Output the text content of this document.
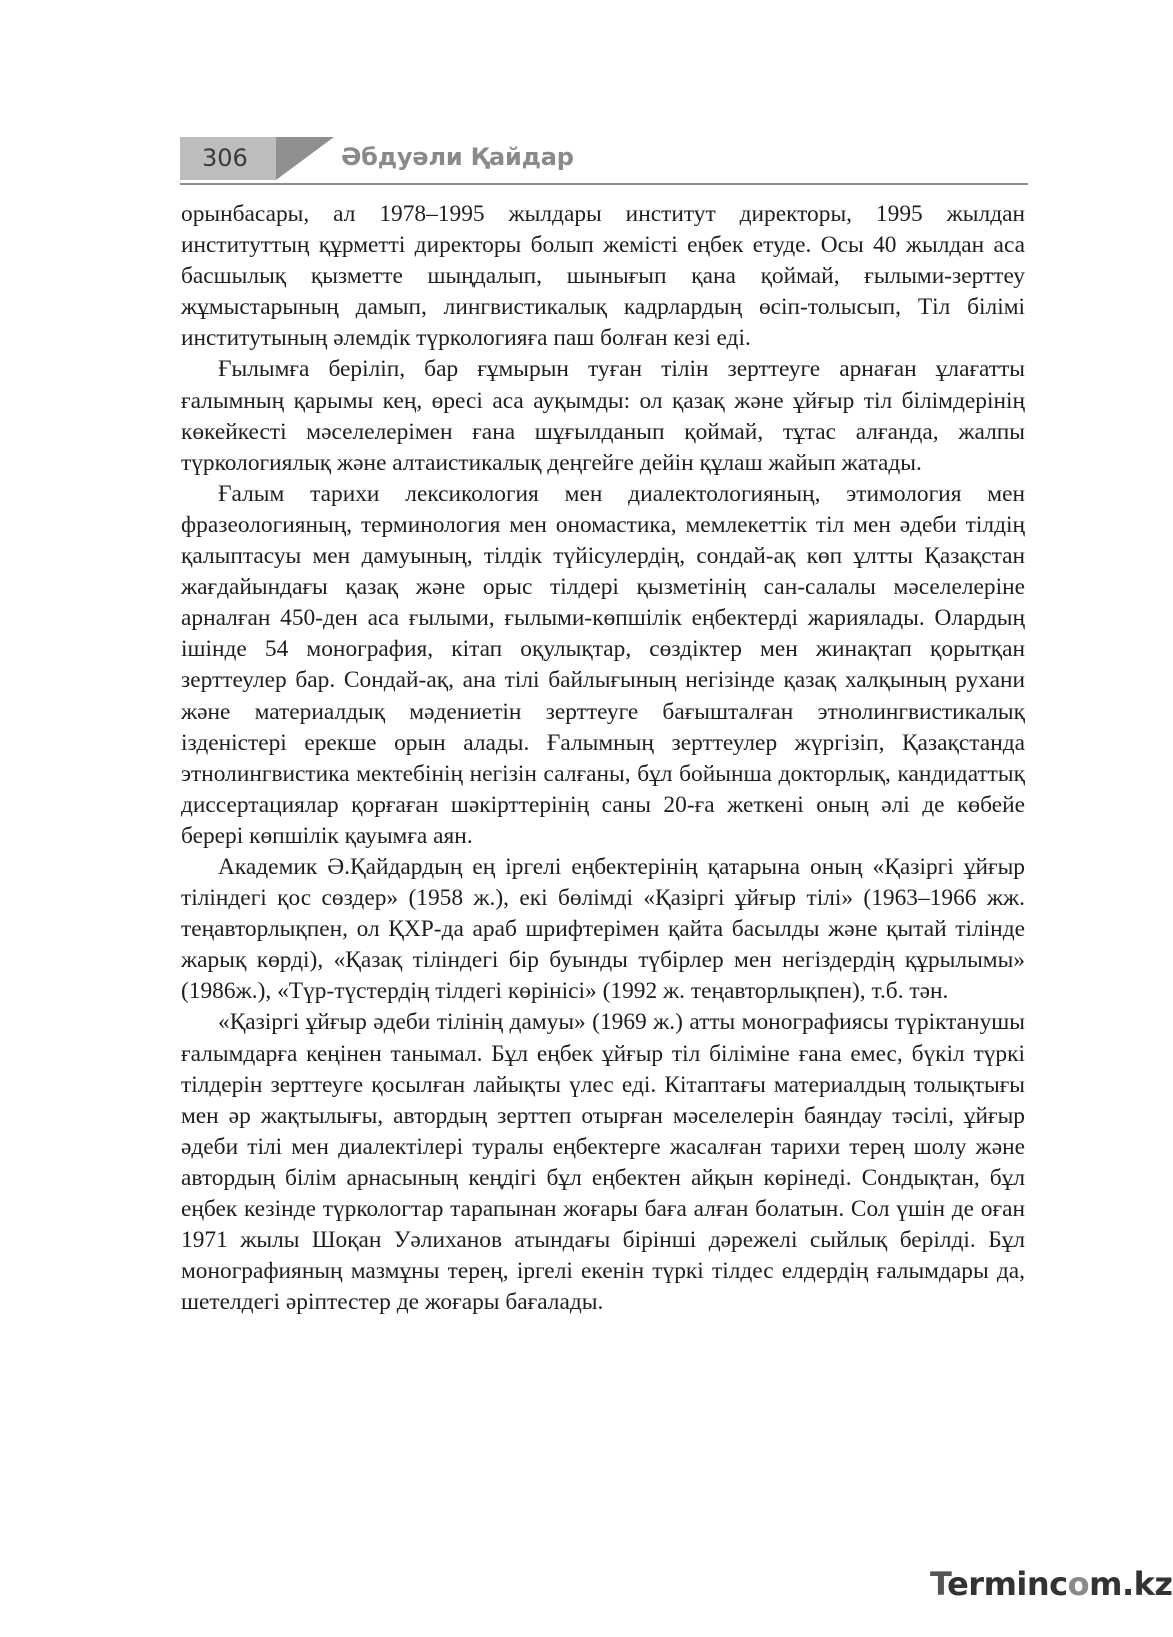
306	Әбдуәли Қайдар

орынбасары, ал 1978–1995 жылдары институт директоры, 1995 жылдан институттың құрметті директоры болып жемісті еңбек етуде. Осы 40 жылдан аса басшылық қызметте шыңдалып, шынығып қана қоймай, ғылыми-зерттеу жұмыстарының дамып, лингвистикалық кадрлардың өсіп-толысып, Тіл білімі институтының әлемдік түркологияға паш болған кезі еді.

Ғылымға беріліп, бар ғұмырын туған тілін зерттеуге арнаған ұлағатты ғалымның қарымы кең, өресі аса ауқымды: ол қазақ және ұйғыр тіл білімдерінің көкейкесті мәселелерімен ғана шұғылданып қоймай, тұтас алғанда, жалпы түркологиялық және алтаистикалық деңгейге дейін құлаш жайып жатады.

Ғалым тарихи лексикология мен диалектологияның, этимология мен фразеологияның, терминология мен ономастика, мемлекеттік тіл мен әдеби тілдің қалыптасуы мен дамуының, тілдік түйісулердің, сондай-ақ көп ұлтты Қазақстан жағдайындағы қазақ және орыс тілдері қызметінің сан-салалы мәселелеріне арналған 450-ден аса ғылыми, ғылыми-көпшілік еңбектерді жариялады. Олардың ішінде 54 монография, кітап оқулықтар, сөздіктер мен жинақтап қорытқан зерттеулер бар. Сондай-ақ, ана тілі байлығының негізінде қазақ халқының рухани және материалдық мәдениетін зерттеуге бағышталған этнолингвистикалық ізденістері ерекше орын алады. Ғалымның зерттеулер жүргізіп, Қазақстанда этнолингвистика мектебінің негізін салғаны, бұл бойынша докторлық, кандидаттық диссертациялар қорғаған шәкірттерінің саны 20-ға жеткені оның әлі де көбейе берері көпшілік қауымға аян.

Академик Ә.Қайдардың ең іргелі еңбектерінің қатарына оның «Қазіргі ұйғыр тіліндегі қос сөздер» (1958 ж.), екі бөлімді «Қазіргі ұйғыр тілі» (1963–1966 жж. теңавторлықпен, ол ҚХР-да араб шрифтерімен қайта басылды және қытай тілінде жарық көрді), «Қазақ тіліндегі бір буынды түбірлер мен негіздердің құрылымы» (1986ж.), «Түр-түстердің тілдегі көрінісі» (1992 ж. теңавторлықпен), т.б. тән.

«Қазіргі ұйғыр әдеби тілінің дамуы» (1969 ж.) атты монографиясы түріктанушы ғалымдарға кеңінен танымал. Бұл еңбек ұйғыр тіл біліміне ғана емес, бүкіл түркі тілдерін зерттеуге қосылған лайықты үлес еді. Кітаптағы материалдың толықтығы мен әр жақтылығы, автордың зерттеп отырған мәселелерін баяндау тәсілі, ұйғыр әдеби тілі мен диалектілері туралы еңбектерге жасалған тарихи терең шолу және автордың білім арнасының кеңдігі бұл еңбектен айқын көрінеді. Сондықтан, бұл еңбек кезінде түркологтар тарапынан жоғары баға алған болатын. Сол үшін де оған 1971 жылы Шоқан Уәлиханов атындағы бірінші дәрежелі сыйлық берілді. Бұл монографияның мазмұны терең, іргелі екенін түркі тілдес елдердің ғалымдары да, шетелдегі әріптестер де жоғары бағалады.

Termincom.kz
